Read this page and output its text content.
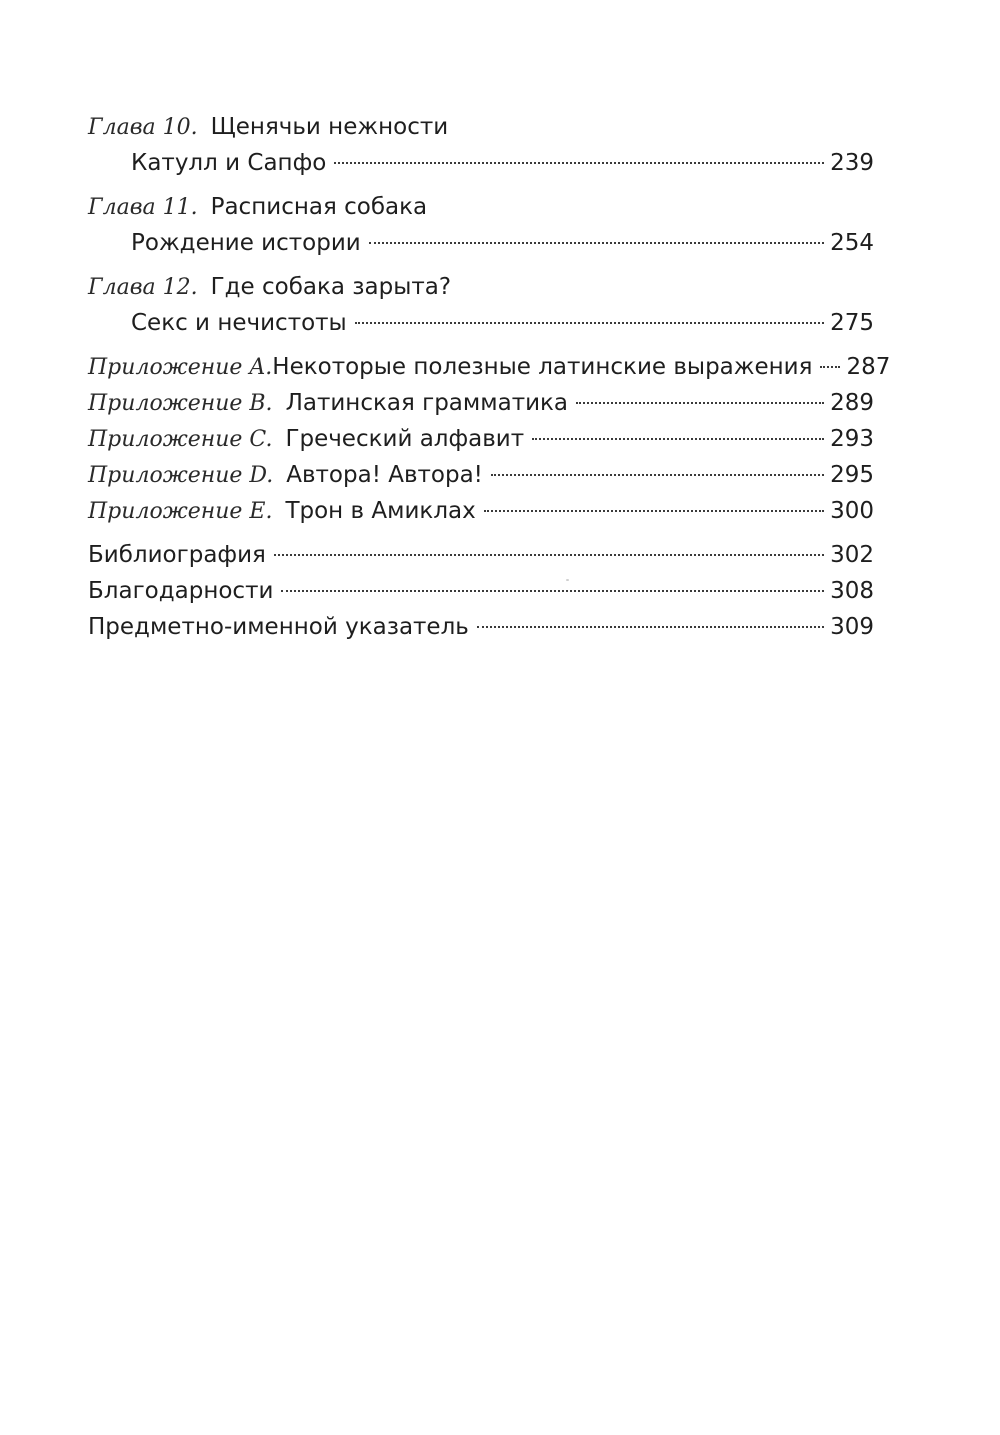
Глава 10. Щенячьи нежности
Катулл и Сапфо	239
Глава 11. Расписная собака
Рождение истории	254
Глава 12. Где собака зарыта?
Секс и нечистоты	275
Приложение A. Некоторые полезные латинские выражения 287
Приложение B. Латинская грамматика	289
Приложение C. Греческий алфавит	293
Приложение D. Автора! Автора!	295
Приложение E. Трон в Амиклах	300
Библиография	302
Благодарности	308
Предметно-именной указатель	309
